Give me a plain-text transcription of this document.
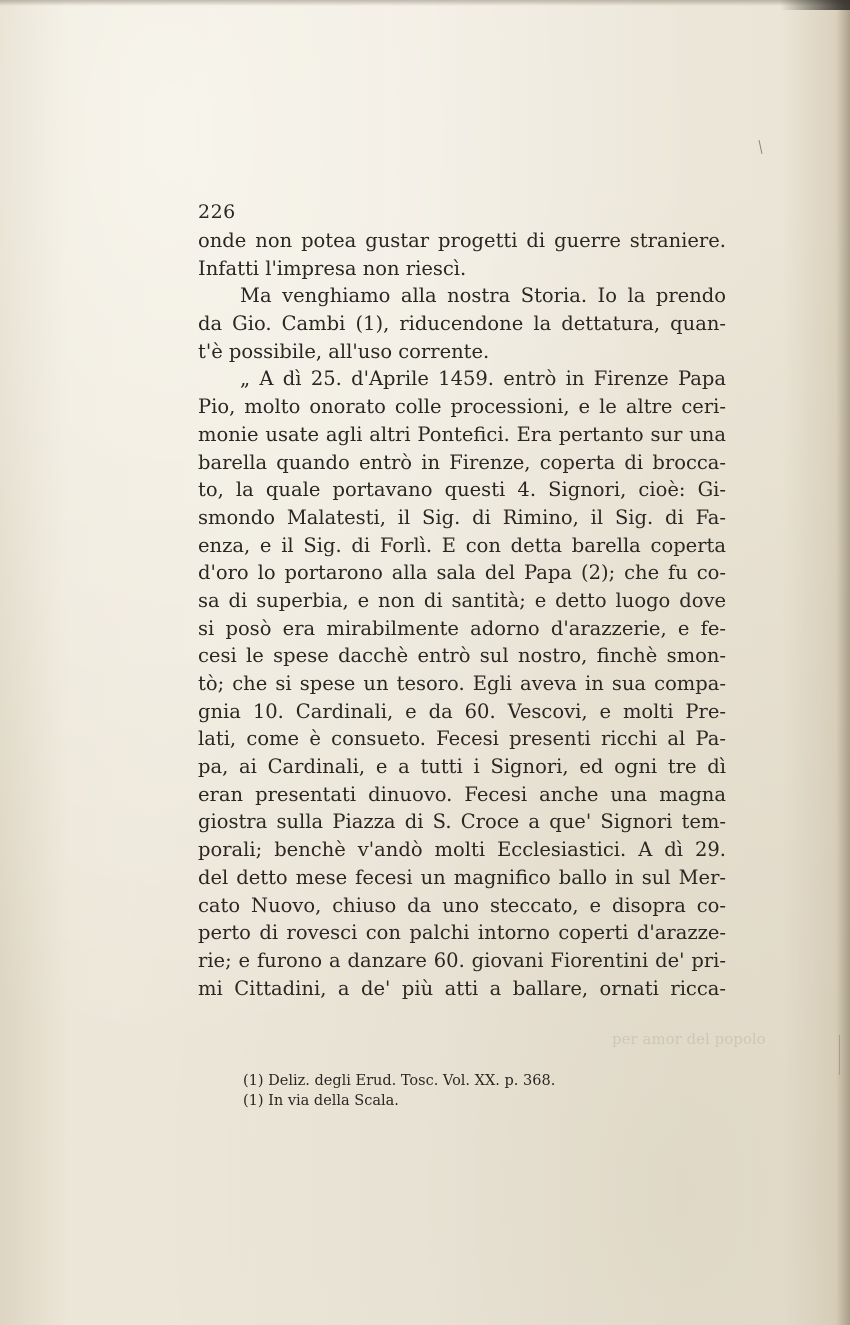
per amor del popolo
226
onde non potea gustar progetti di guerre straniere.
Infatti l'impresa non riescì.
Ma venghiamo alla nostra Storia. Io la prendo
da Gio. Cambi (1), riducendone la dettatura, quan-
t'è possibile, all'uso corrente.
„ A dì 25. d'Aprile 1459. entrò in Firenze Papa
Pio, molto onorato colle processioni, e le altre ceri-
monie usate agli altri Pontefici. Era pertanto sur una
barella quando entrò in Firenze, coperta di brocca-
to, la quale portavano questi 4. Signori, cioè: Gi-
smondo Malatesti, il Sig. di Rimino, il Sig. di Fa-
enza, e il Sig. di Forlì. E con detta barella coperta
d'oro lo portarono alla sala del Papa (2); che fu co-
sa di superbia, e non di santità; e detto luogo dove
si posò era mirabilmente adorno d'arazzerie, e fe-
cesi le spese dacchè entrò sul nostro, finchè smon-
tò; che si spese un tesoro. Egli aveva in sua compa-
gnia 10. Cardinali, e da 60. Vescovi, e molti Pre-
lati, come è consueto. Fecesi presenti ricchi al Pa-
pa, ai Cardinali, e a tutti i Signori, ed ogni tre dì
eran presentati dinuovo. Fecesi anche una magna
giostra sulla Piazza di S. Croce a que' Signori tem-
porali; benchè v'andò molti Ecclesiastici. A dì 29.
del detto mese fecesi un magnifico ballo in sul Mer-
cato Nuovo, chiuso da uno steccato, e disopra co-
perto di rovesci con palchi intorno coperti d'arazze-
rie; e furono a danzare 60. giovani Fiorentini de' pri-
mi Cittadini, a de' più atti a ballare, ornati ricca-
(1) Deliz. degli Erud. Tosc. Vol. XX. p. 368.
(1) In via della Scala.
